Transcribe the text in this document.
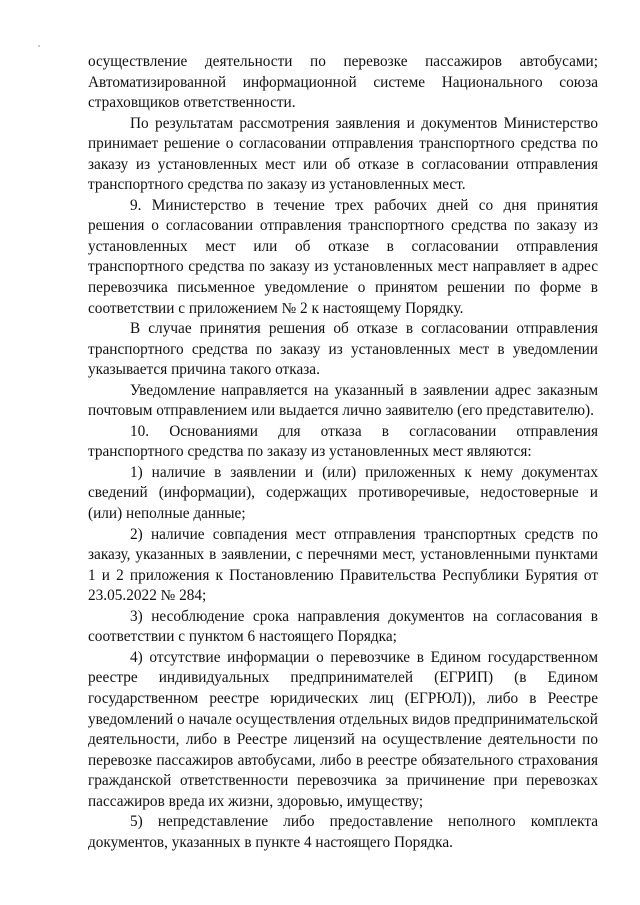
осуществление деятельности по перевозке пассажиров автобусами; Автоматизированной информационной системе Национального союза страховщиков ответственности.

По результатам рассмотрения заявления и документов Министерство принимает решение о согласовании отправления транспортного средства по заказу из установленных мест или об отказе в согласовании отправления транспортного средства по заказу из установленных мест.

9. Министерство в течение трех рабочих дней со дня принятия решения о согласовании отправления транспортного средства по заказу из установленных мест или об отказе в согласовании отправления транспортного средства по заказу из установленных мест направляет в адрес перевозчика письменное уведомление о принятом решении по форме в соответствии с приложением № 2 к настоящему Порядку.

В случае принятия решения об отказе в согласовании отправления транспортного средства по заказу из установленных мест в уведомлении указывается причина такого отказа.

Уведомление направляется на указанный в заявлении адрес заказным почтовым отправлением или выдается лично заявителю (его представителю).

10. Основаниями для отказа в согласовании отправления транспортного средства по заказу из установленных мест являются:

1) наличие в заявлении и (или) приложенных к нему документах сведений (информации), содержащих противоречивые, недостоверные и (или) неполные данные;

2) наличие совпадения мест отправления транспортных средств по заказу, указанных в заявлении, с перечнями мест, установленными пунктами 1 и 2 приложения к Постановлению Правительства Республики Бурятия от 23.05.2022 № 284;

3) несоблюдение срока направления документов на согласования в соответствии с пунктом 6 настоящего Порядка;

4) отсутствие информации о перевозчике в Едином государственном реестре индивидуальных предпринимателей (ЕГРИП) (в Едином государственном реестре юридических лиц (ЕГРЮЛ)), либо в Реестре уведомлений о начале осуществления отдельных видов предпринимательской деятельности, либо в Реестре лицензий на осуществление деятельности по перевозке пассажиров автобусами, либо в реестре обязательного страхования гражданской ответственности перевозчика за причинение при перевозках пассажиров вреда их жизни, здоровью, имуществу;

5) непредставление либо предоставление неполного комплекта документов, указанных в пункте 4 настоящего Порядка.
